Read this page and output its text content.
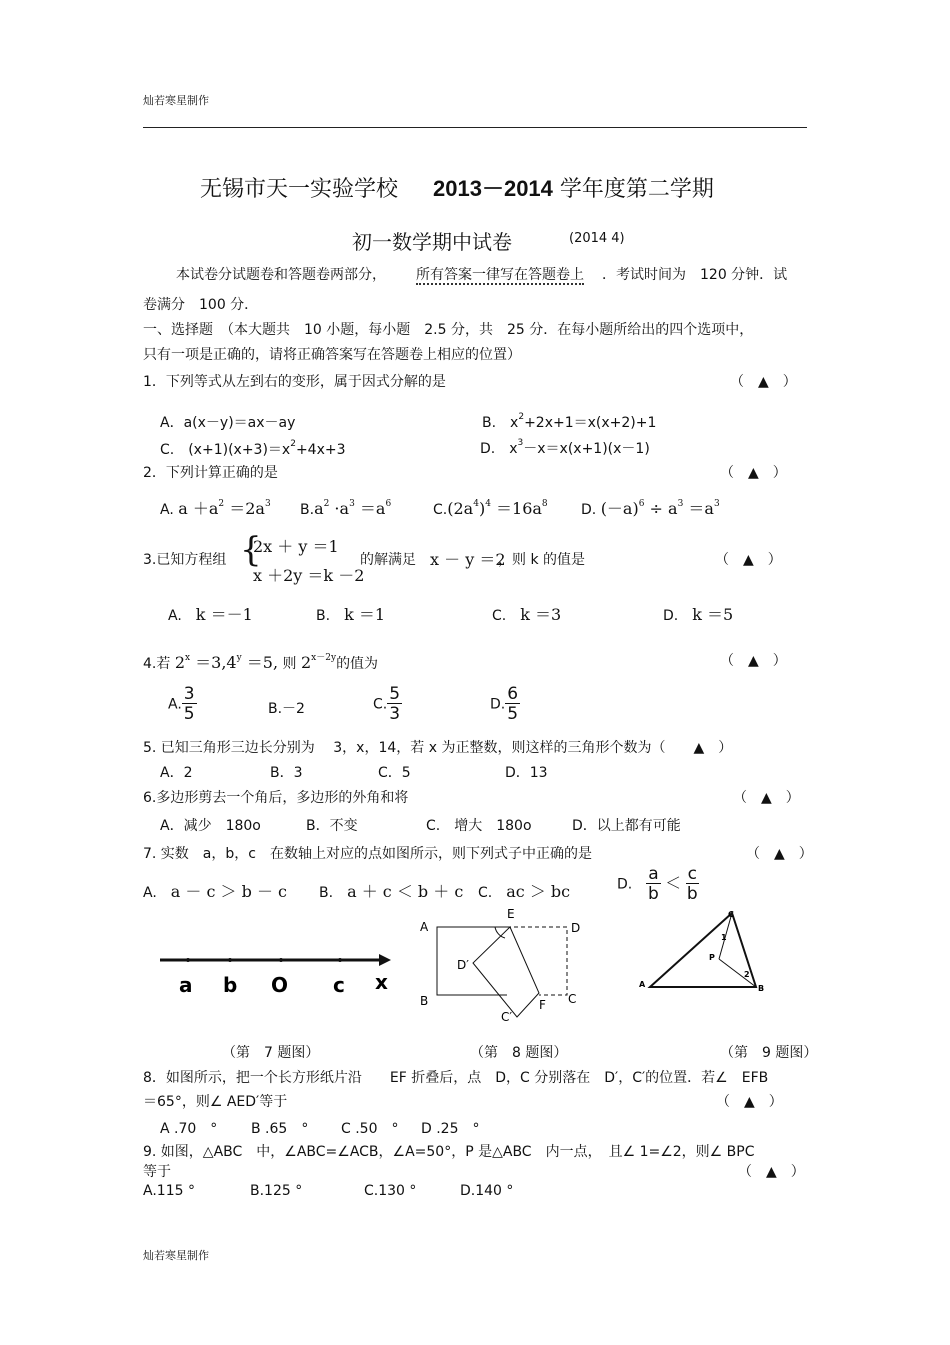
灿若寒星制作
无锡市天一实验学校 2013－2014 学年度第二学期
初一数学期中试卷	(2014 4)
本试卷分试题卷和答题卷两部分， 所有答案一律写在答题卷上 ．考试时间为　120 分钟．试
卷满分　100 分．
一、选择题　（本大题共　10 小题，每小题　2.5 分，共　25 分．在每小题所给出的四个选项中，
只有一项是正确的，请将正确答案写在答题卷上相应的位置）
1．下列等式从左到右的变形，属于因式分解的是	（　▲　）
A．a(x－y)＝ax－ay	B.　$x^2+2x+1=x(x+2)+1$
C.　$(x+1)(x+3)=x^2+4x+3$	D.　$x^3-x=x(x+1)(x-1)$
2．下列计算正确的是	（　▲　）
A. $a +a^2 =2a^3$ $B.a^2 \cdot a^3 =a^6$	$C.(2a^4)^4 =16a^8$ D. $(-a)^6 \div a^3 =a^3$
3.已知方程组 {
2x ＋ y ＝1
x ＋2y ＝k －2
的解满足 x － y ＝2
，则 k 的值是	（　▲　）
A.　 k ＝－1	B.　 k ＝1	C.　 k ＝3	D.　 k ＝5
4.若 $2^x =3,4^y =5$, 则 $2^{x-2y}$的值为	（　▲　）
A. $\frac{3}{5}$	B.－2	C. $\frac{5}{3}$	D. $\frac{6}{5}$
5. 已知三角形三边长分别为　 3，x，14，若 x 为正整数，则这样的三角形个数为（　　▲　）
A．2	B．3	C．5	D．13
6.多边形剪去一个角后，多边形的外角和将	（　▲　）
A．减少　180o	B．不变	C.　增大　180o	D．以上都有可能
7. 实数　a，b，c　在数轴上对应的点如图所示，则下列式子中正确的是	（　▲　）
A.　 a － c ＞ b － c B.　 a ＋ c ＜ b ＋ c C.　 ac ＞ bc	D.　 $\frac{a}{b} < \frac{c}{b}$
a b O c x
A
B	C
D
E
F
D′
C′
A
C
B
P
1
2
（第　7 题图）	（第　8 题图）	（第　9 题图）
8．如图所示，把一个长方形纸片沿　　EF 折叠后，点　D，C 分别落在　D′，C′的位置．若∠　EFB
＝65°，则∠ AED′等于	（　▲　）
A .70　° B .65　° C .50　° D .25　°
9. 如图，△ABC　中，∠ABC=∠ACB，∠A=50°，P 是△ABC　内一点，　且∠ 1=∠2，则∠ BPC
等于	（　▲　）
A.115 °	B.125 °	C.130 °	D.140 °
灿若寒星制作
